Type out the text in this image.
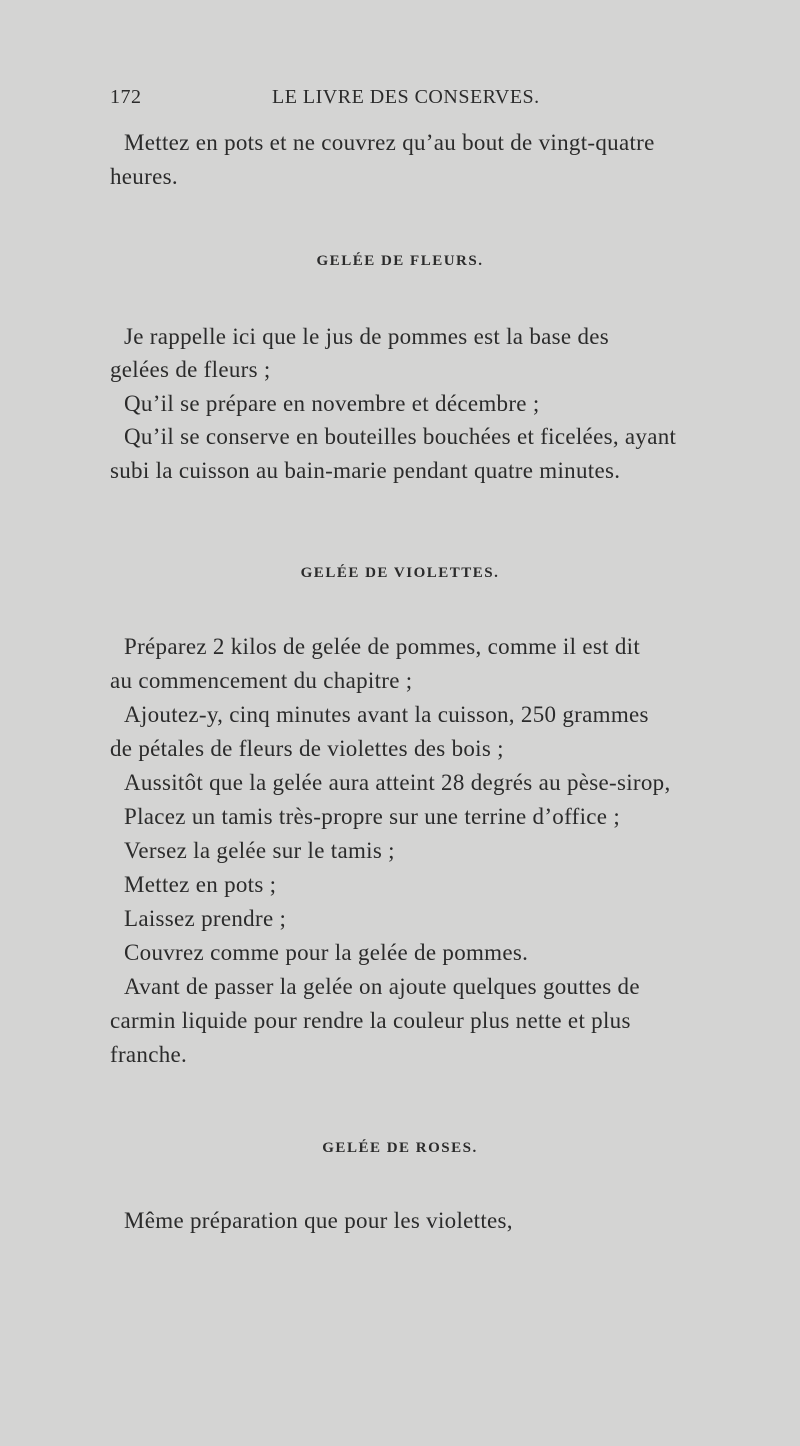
172	LE LIVRE DES CONSERVES.
Mettez en pots et ne couvrez qu’au bout de vingt-quatre
heures.
GELÉE DE FLEURS.
Je rappelle ici que le jus de pommes est la base des
gelées de fleurs ;
Qu’il se prépare en novembre et décembre ;
Qu’il se conserve en bouteilles bouchées et ficelées, ayant
subi la cuisson au bain-marie pendant quatre minutes.
GELÉE DE VIOLETTES.
Préparez 2 kilos de gelée de pommes, comme il est dit
au commencement du chapitre ;
Ajoutez-y, cinq minutes avant la cuisson, 250 grammes
de pétales de fleurs de violettes des bois ;
Aussitôt que la gelée aura atteint 28 degrés au pèse-sirop,
Placez un tamis très-propre sur une terrine d’office ;
Versez la gelée sur le tamis ;
Mettez en pots ;
Laissez prendre ;
Couvrez comme pour la gelée de pommes.
Avant de passer la gelée on ajoute quelques gouttes de
carmin liquide pour rendre la couleur plus nette et plus
franche.
GELÉE DE ROSES.
Même préparation que pour les violettes,
